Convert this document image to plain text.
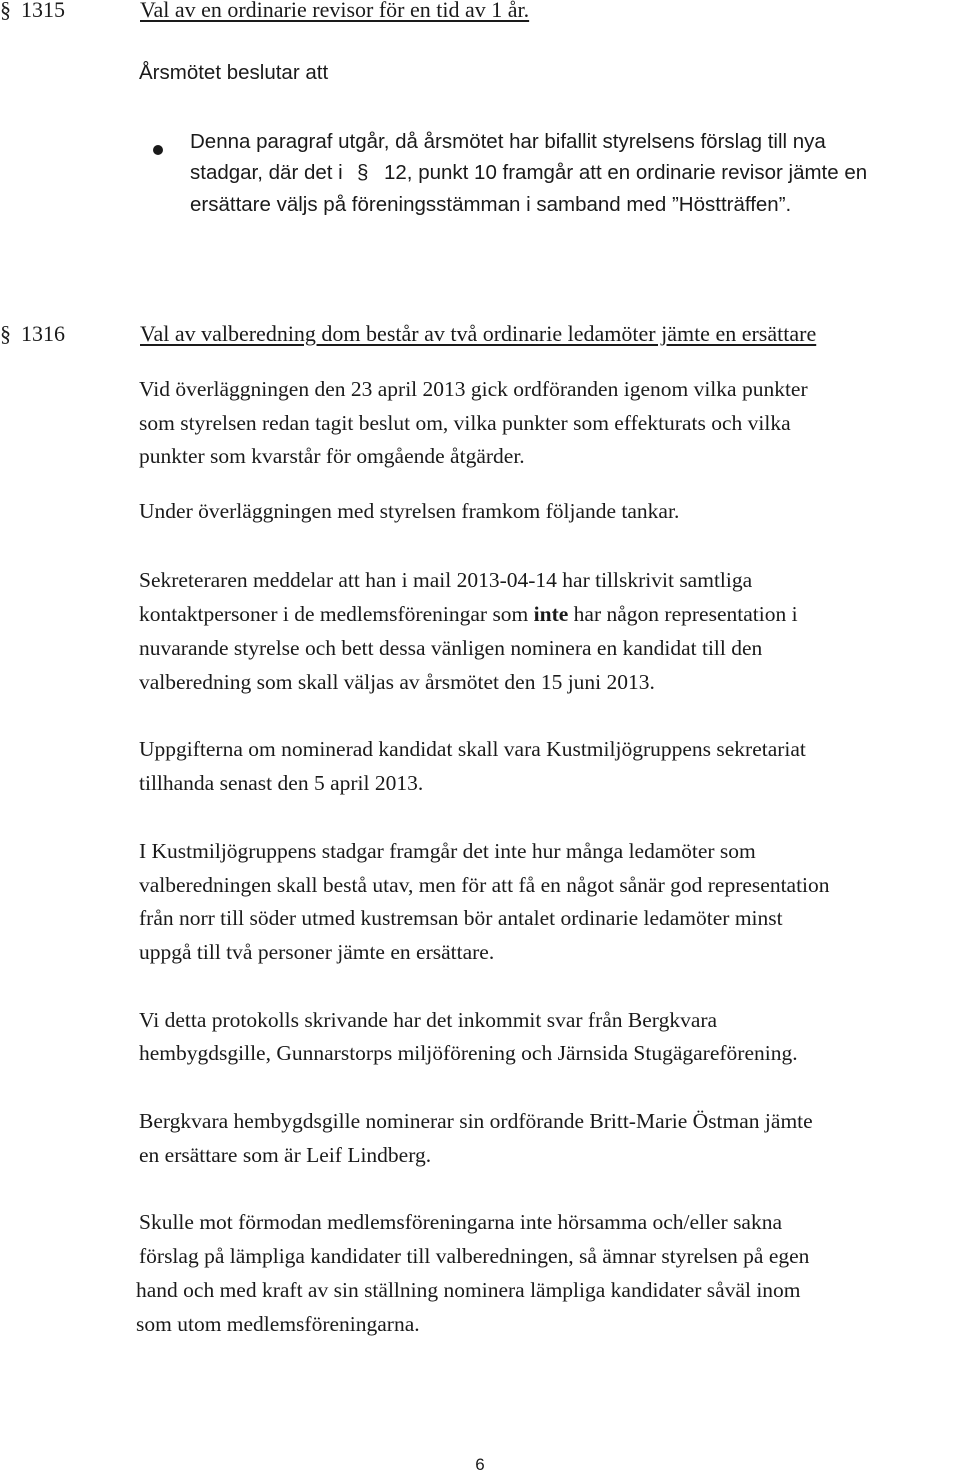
§ 1315	Val av en ordinarie revisor för en tid av 1 år.
Årsmötet beslutar att
Denna paragraf utgår, då årsmötet har bifallit styrelsens förslag till nya
stadgar, där det i § 12, punkt 10 framgår att en ordinarie revisor jämte en
ersättare väljs på föreningsstämman i samband med ”Höstträffen”.
§ 1316	Val av valberedning dom består av två ordinarie ledamöter jämte en ersättare
Vid överläggningen den 23 april 2013 gick ordföranden igenom vilka punkter
som styrelsen redan tagit beslut om, vilka punkter som effekturats och vilka
punkter som kvarstår för omgående åtgärder.
Under överläggningen med styrelsen framkom följande tankar.
Sekreteraren meddelar att han i mail 2013-04-14 har tillskrivit samtliga
kontaktpersoner i de medlemsföreningar som inte har någon representation i
nuvarande styrelse och bett dessa vänligen nominera en kandidat till den
valberedning som skall väljas av årsmötet den 15 juni 2013.
Uppgifterna om nominerad kandidat skall vara Kustmiljögruppens sekretariat
tillhanda senast den 5 april 2013.
I Kustmiljögruppens stadgar framgår det inte hur många ledamöter som
valberedningen skall bestå utav, men för att få en något sånär god representation
från norr till söder utmed kustremsan bör antalet ordinarie ledamöter minst
uppgå till två personer jämte en ersättare.
Vi detta protokolls skrivande har det inkommit svar från Bergkvara
hembygdsgille, Gunnarstorps miljöförening och Järnsida Stugägareförening.
Bergkvara hembygdsgille nominerar sin ordförande Britt-Marie Östman jämte
en ersättare som är Leif Lindberg.
Skulle mot förmodan medlemsföreningarna inte hörsamma och/eller sakna
förslag på lämpliga kandidater till valberedningen, så ämnar styrelsen på egen
hand och med kraft av sin ställning nominera lämpliga kandidater såväl inom
som utom medlemsföreningarna.
6
